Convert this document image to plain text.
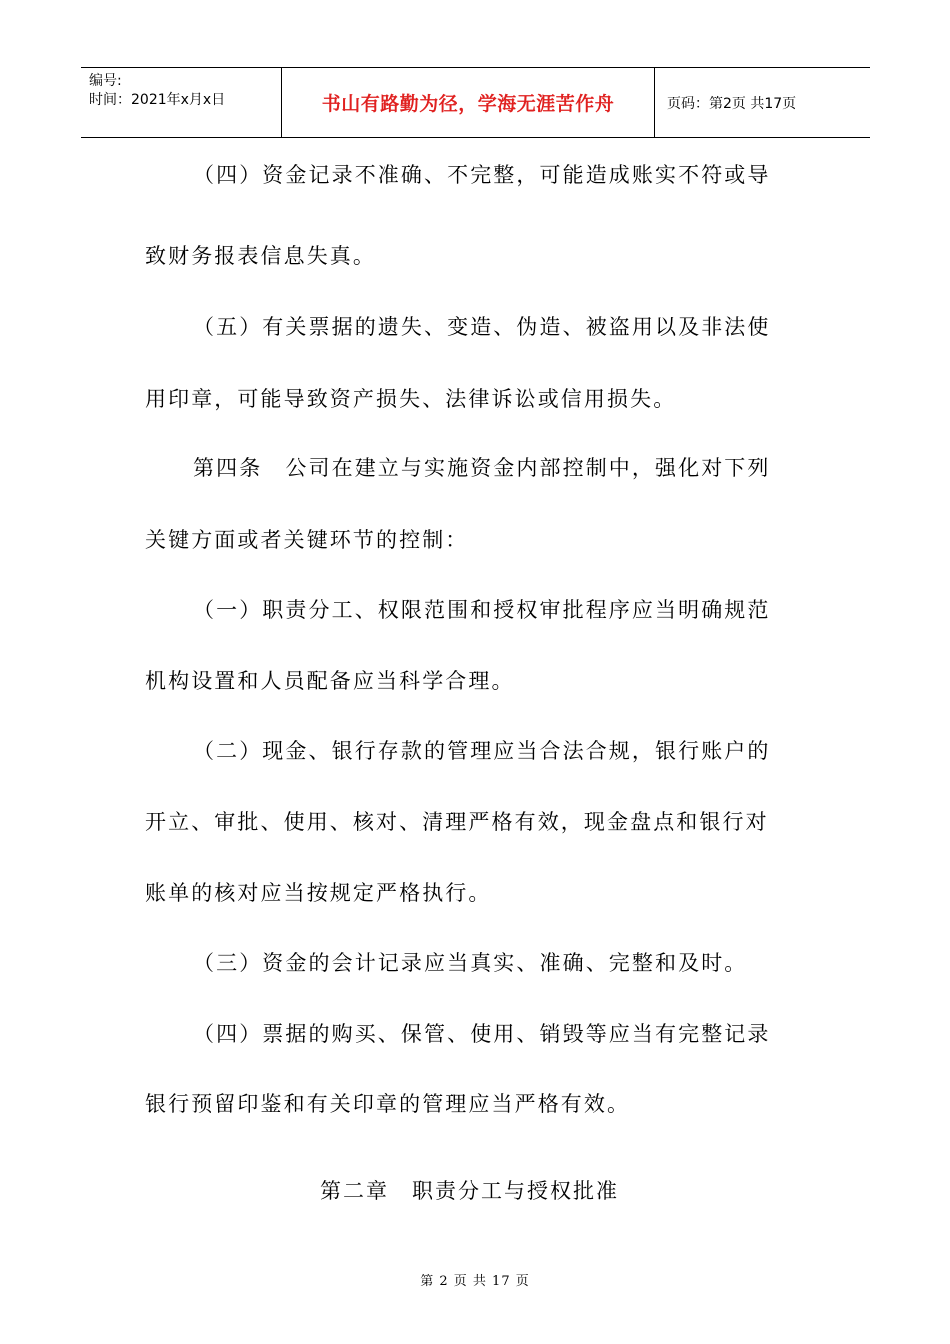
编号:
时间：2021年x月x日	书山有路勤为径，学海无涯苦作舟	页码：第2页 共17页
（四）资金记录不准确、不完整，可能造成账实不符或导
致财务报表信息失真。
（五）有关票据的遗失、变造、伪造、被盗用以及非法使
用印章，可能导致资产损失、法律诉讼或信用损失。
第四条　公司在建立与实施资金内部控制中，强化对下列
关键方面或者关键环节的控制：
（一）职责分工、权限范围和授权审批程序应当明确规范
机构设置和人员配备应当科学合理。
（二）现金、银行存款的管理应当合法合规，银行账户的
开立、审批、使用、核对、清理严格有效，现金盘点和银行对
账单的核对应当按规定严格执行。
（三）资金的会计记录应当真实、准确、完整和及时。
（四）票据的购买、保管、使用、销毁等应当有完整记录
银行预留印鉴和有关印章的管理应当严格有效。
第二章　职责分工与授权批准
第 2 页 共 17 页
